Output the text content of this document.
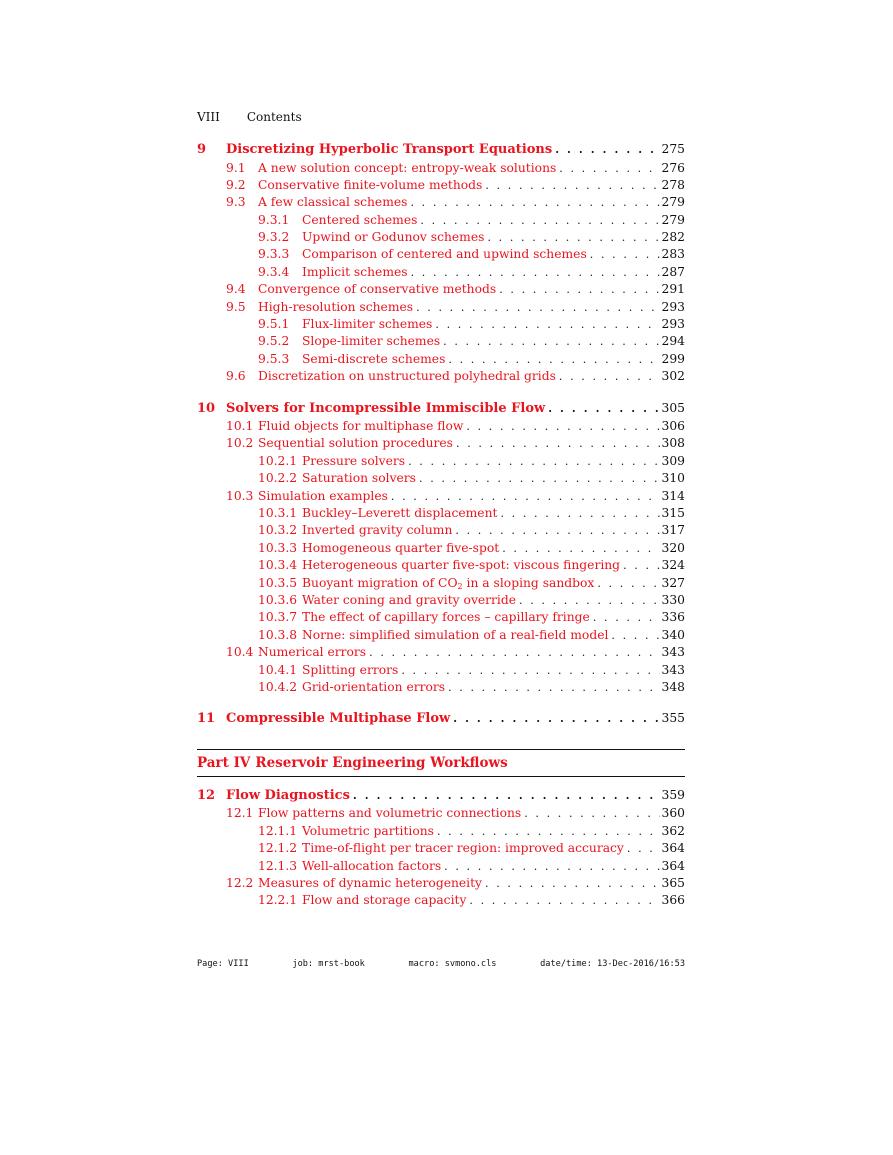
VIII Contents
9	Discretizing Hyperbolic Transport Equations . . .	275
9.1	A new solution concept: entropy-weak solutions . . .	276
9.2	Conservative finite-volume methods . . .	278
9.3	A few classical schemes . . .	279
9.3.1	Centered schemes . . .	279
9.3.2	Upwind or Godunov schemes . . .	282
9.3.3	Comparison of centered and upwind schemes . . .	283
9.3.4	Implicit schemes . . .	287
9.4	Convergence of conservative methods . . .	291
9.5	High-resolution schemes . . .	293
9.5.1	Flux-limiter schemes . . .	293
9.5.2	Slope-limiter schemes . . .	294
9.5.3	Semi-discrete schemes . . .	299
9.6	Discretization on unstructured polyhedral grids . . .	302
10 Solvers for Incompressible Immiscible Flow . . .	305
10.1 Fluid objects for multiphase flow . . .	306
10.2 Sequential solution procedures . . .	308
10.2.1 Pressure solvers . . .	309
10.2.2 Saturation solvers . . .	310
10.3 Simulation examples . . .	314
10.3.1 Buckley–Leverett displacement . . .	315
10.3.2 Inverted gravity column . . .	317
10.3.3 Homogeneous quarter five-spot . . .	320
10.3.4 Heterogeneous quarter five-spot: viscous fingering . . .	324
10.3.5 Buoyant migration of $CO_2$ in a sloping sandbox . . .	327
10.3.6 Water coning and gravity override . . .	330
10.3.7 The effect of capillary forces – capillary fringe . . .	336
10.3.8 Norne: simplified simulation of a real-field model . . .	340
10.4 Numerical errors . . .	343
10.4.1 Splitting errors . . .	343
10.4.2 Grid-orientation errors . . .	348
11 Compressible Multiphase Flow . . .	355
Part IV Reservoir Engineering Workflows
12 Flow Diagnostics . . .	359
12.1 Flow patterns and volumetric connections . . .	360
12.1.1 Volumetric partitions . . .	362
12.1.2 Time-of-flight per tracer region: improved accuracy . . .	364
12.1.3 Well-allocation factors . . .	364
12.2 Measures of dynamic heterogeneity . . .	365
12.2.1 Flow and storage capacity . . .	366
Page: VIII	job: mrst-book	macro: svmono.cls	date/time: 13-Dec-2016/16:53
